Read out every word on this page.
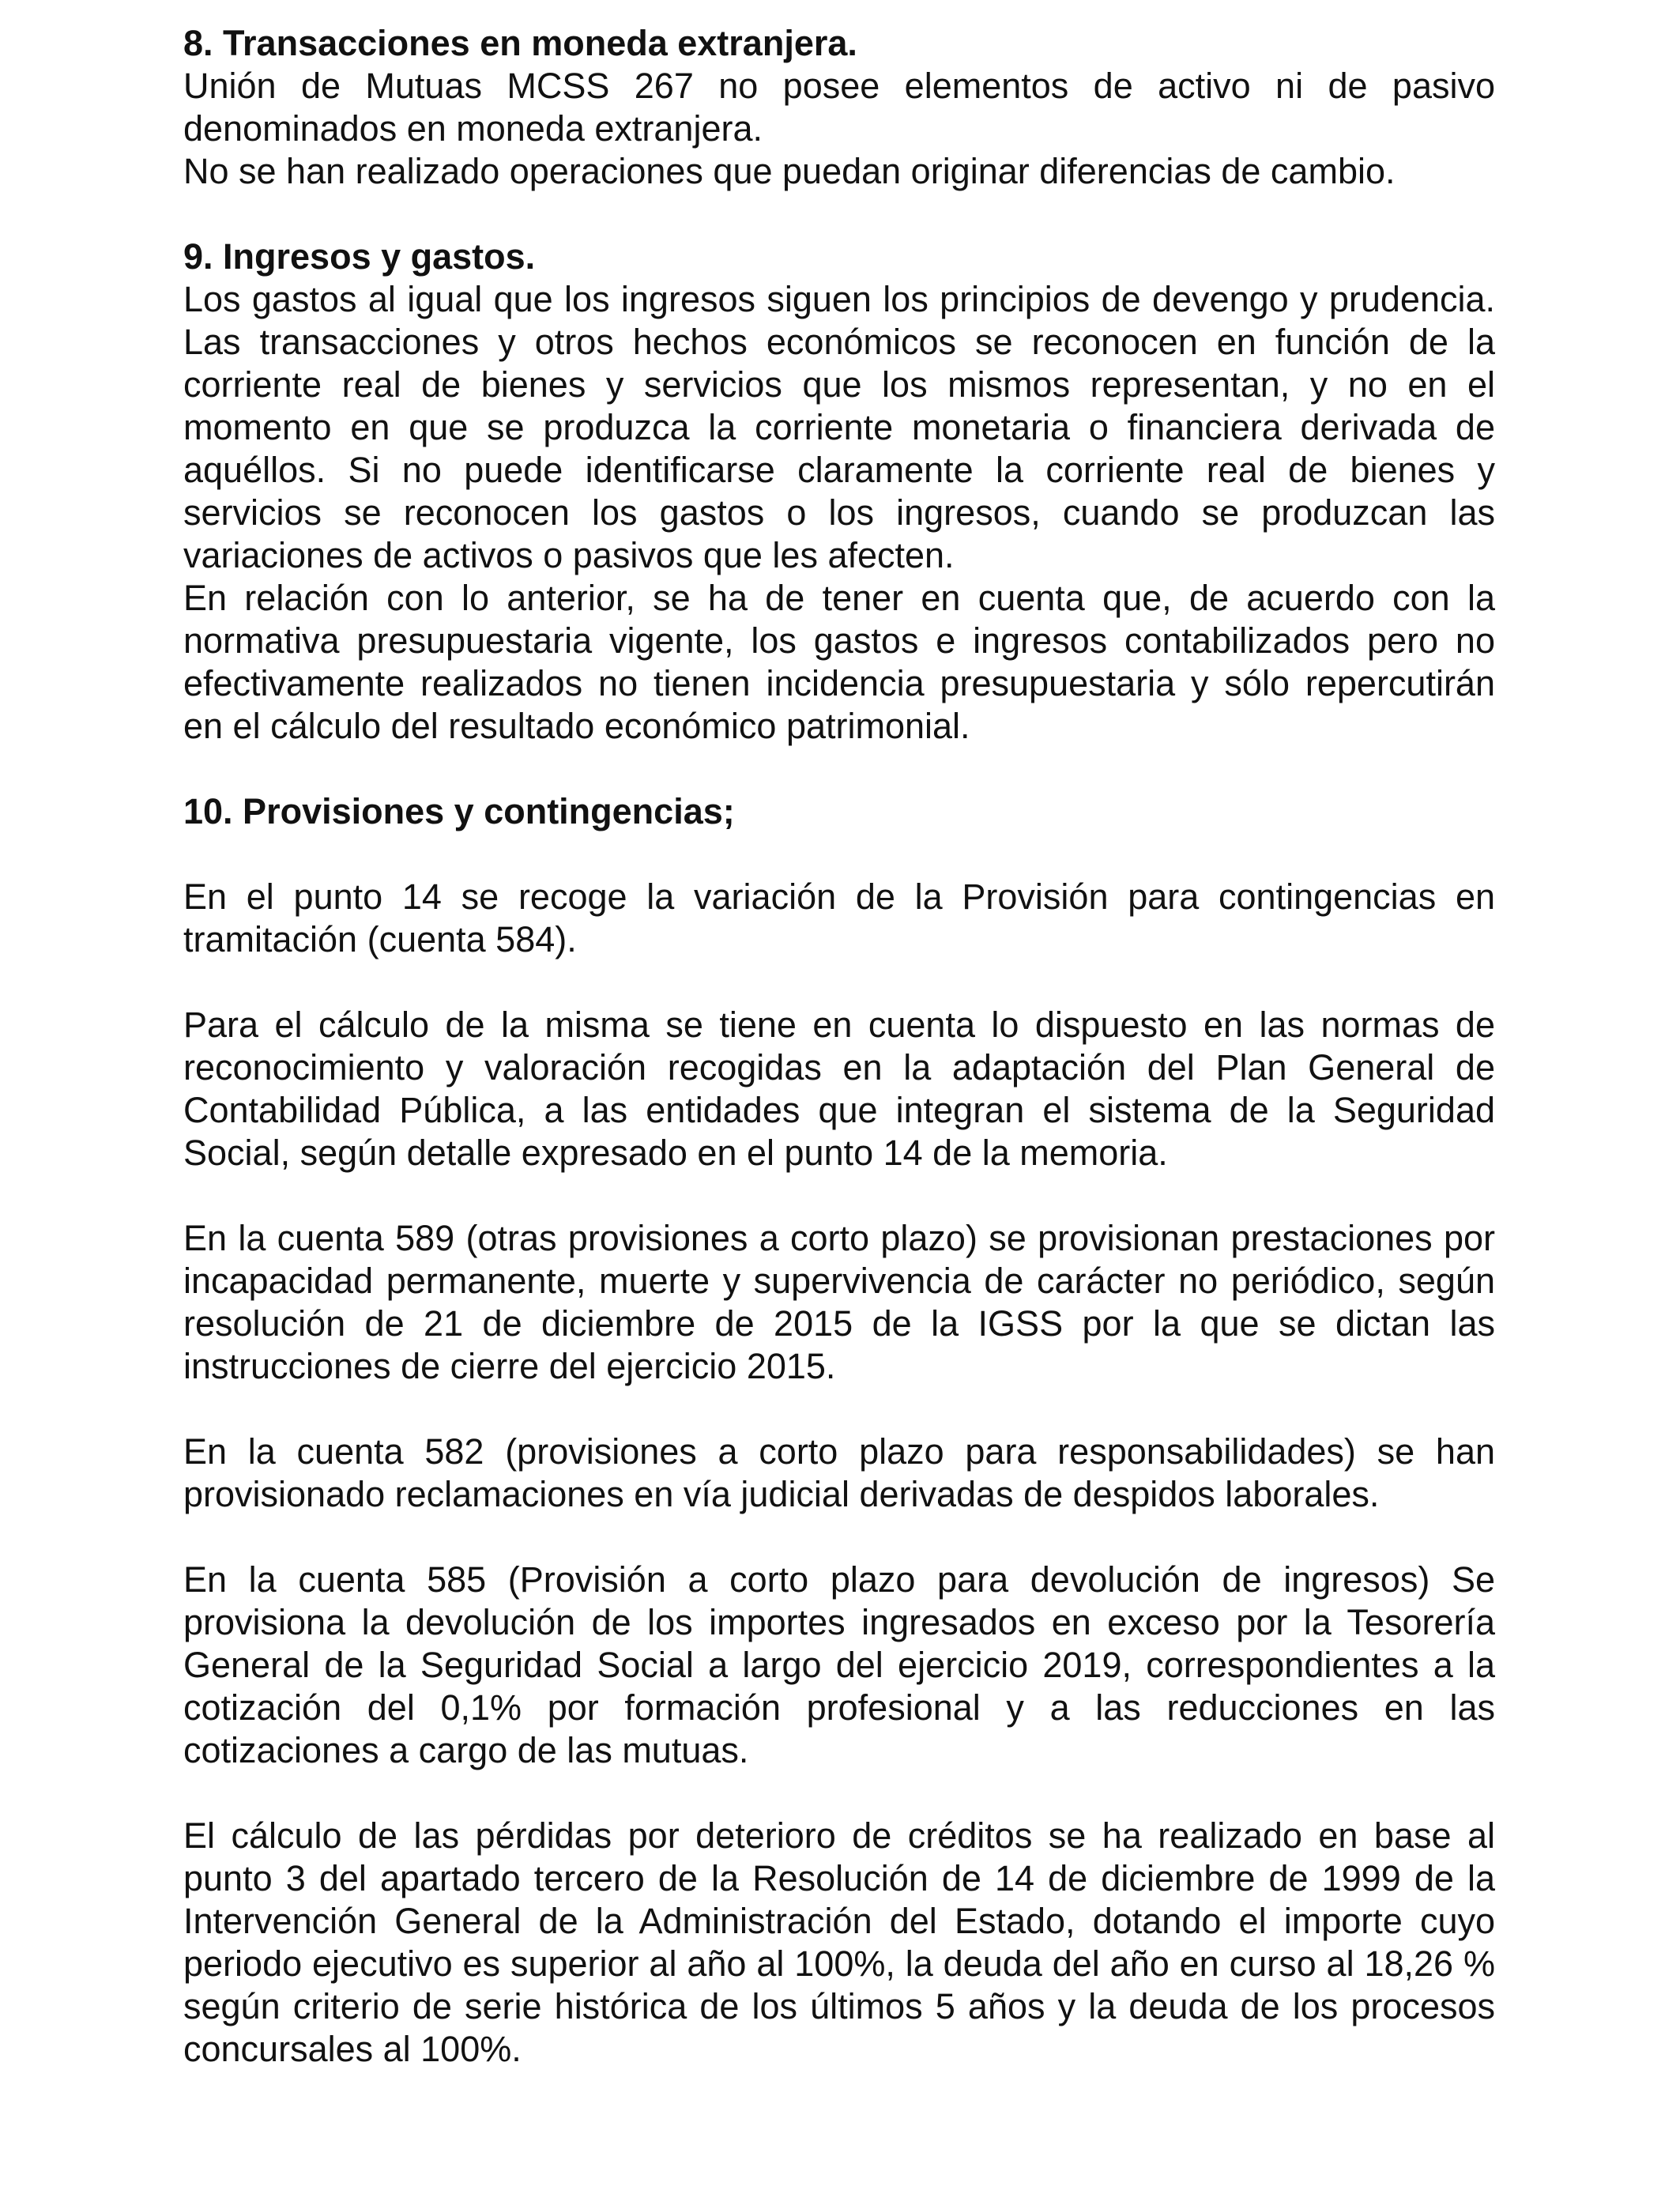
8. Transacciones en moneda extranjera.

Unión de Mutuas MCSS 267 no posee elementos de activo ni de pasivo denominados en moneda extranjera.

No se han realizado operaciones que puedan originar diferencias de cambio.

9. Ingresos y gastos.

Los gastos al igual que los ingresos siguen los principios de devengo y prudencia. Las transacciones y otros hechos económicos se reconocen en función de la corriente real de bienes y servicios que los mismos representan, y no en el momento en que se produzca la corriente monetaria o financiera derivada de aquéllos. Si no puede identificarse claramente la corriente real de bienes y servicios se reconocen los gastos o los ingresos, cuando se produzcan las variaciones de activos o pasivos que les afecten.

En relación con lo anterior, se ha de tener en cuenta que, de acuerdo con la normativa presupuestaria vigente, los gastos e ingresos contabilizados pero no efectivamente realizados no tienen incidencia presupuestaria y sólo repercutirán en el cálculo del resultado económico patrimonial.

10. Provisiones y contingencias;

En el punto 14 se recoge la variación de la Provisión para contingencias en tramitación (cuenta 584).

Para el cálculo de la misma se tiene en cuenta lo dispuesto en las normas de reconocimiento y valoración recogidas en la adaptación del Plan General de Contabilidad Pública, a las entidades que integran el sistema de la Seguridad Social, según detalle expresado en el punto 14 de la memoria.

En la cuenta 589 (otras provisiones a corto plazo) se provisionan prestaciones por incapacidad permanente, muerte y supervivencia de carácter no periódico, según resolución de 21 de diciembre de 2015 de la IGSS por la que se dictan las instrucciones de cierre del ejercicio 2015.

En la cuenta 582 (provisiones a corto plazo para responsabilidades) se han provisionado reclamaciones en vía judicial derivadas de despidos laborales.

En la cuenta 585 (Provisión a corto plazo para devolución de ingresos) Se provisiona la devolución de los importes ingresados en exceso por la Tesorería General de la Seguridad Social a largo del ejercicio 2019, correspondientes a la cotización del 0,1% por formación profesional y a las reducciones en las cotizaciones a cargo de las mutuas.

El cálculo de las pérdidas por deterioro de créditos se ha realizado en base al punto 3 del apartado tercero de la Resolución de 14 de diciembre de 1999 de la Intervención General de la Administración del Estado, dotando el importe cuyo periodo ejecutivo es superior al año al 100%, la deuda del año en curso al 18,26 % según criterio de serie histórica de los últimos 5 años y la deuda de los procesos concursales al 100%.
